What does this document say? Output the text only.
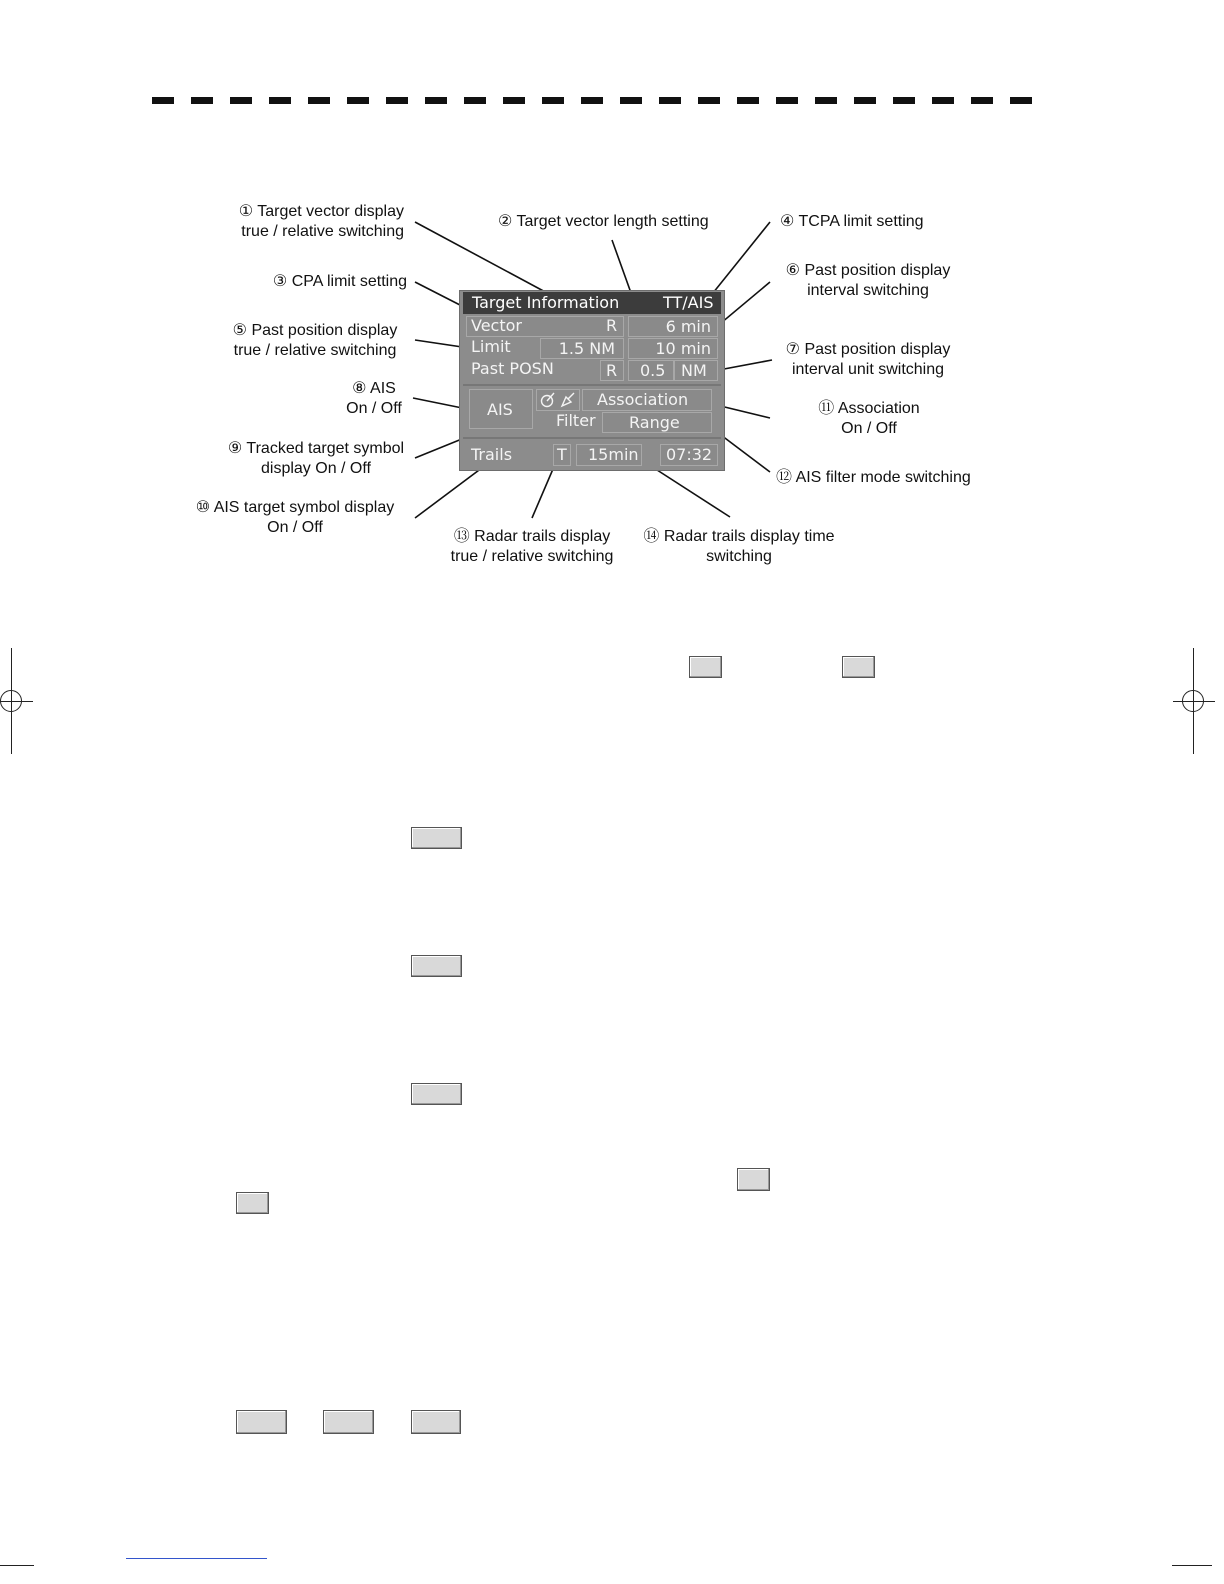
① Target vector display
true / relative switching
② Target vector length setting
③ CPA limit setting
④ TCPA limit setting
⑤ Past position display
true / relative switching
⑥ Past position display
interval switching
⑦ Past position display
interval unit switching
⑧ AIS
On / Off
⑨ Tracked target symbol
display On / Off
⑩ AIS target symbol display
On / Off
⑪ Association
On / Off
⑫ AIS filter mode switching
⑬ Radar trails display
true / relative switching
⑭ Radar trails display time
switching
Target Information	TT/AIS
Vector	R	6 min
Limit	1.5 NM	10 min
Past POSN	R 0.5 NM
AIS
Association
Filter Range
Trails	T 15min 07:32
